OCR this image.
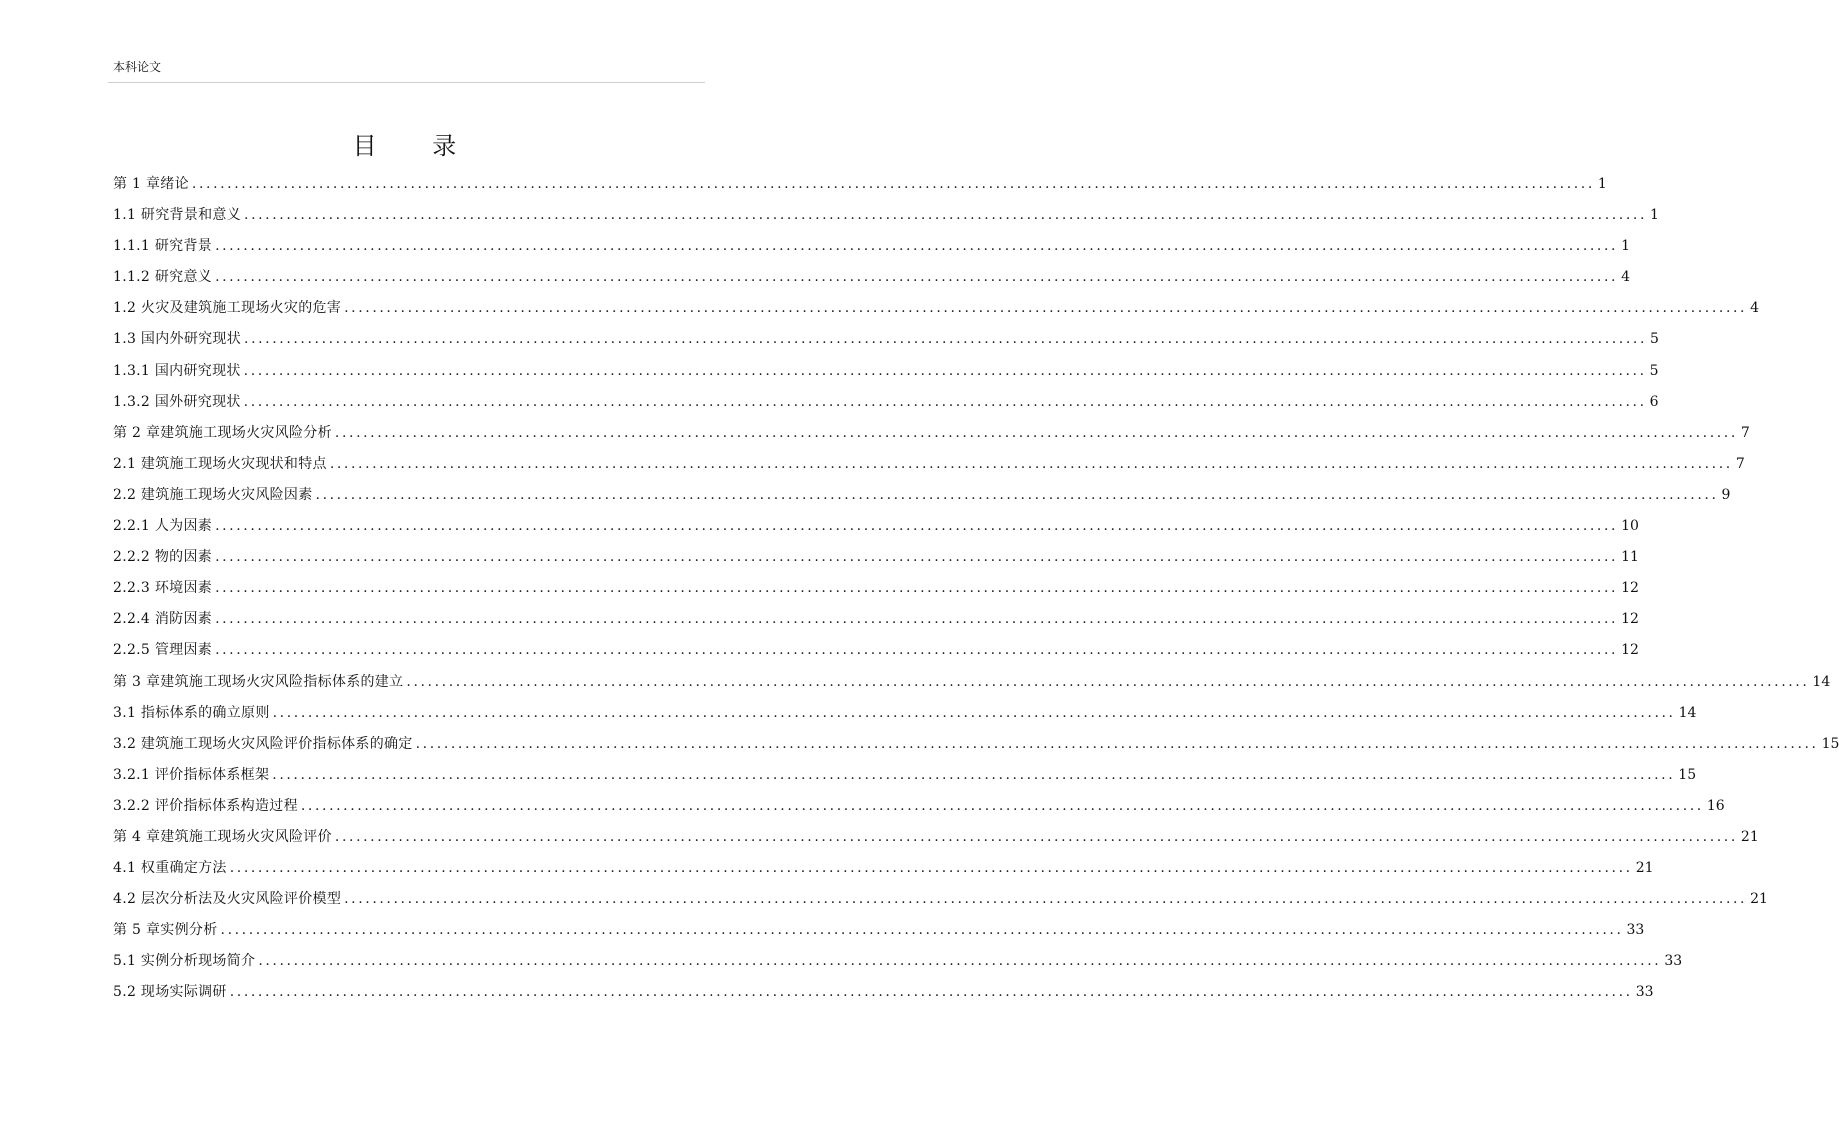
本科论文
目 录
第 1 章绪论 ....................................................................................................................................................................................................... 1
1.1 研究背景和意义 ....................................................................................................................................................................................................... 1
1.1.1 研究背景 ....................................................................................................................................................................................................... 1
1.1.2 研究意义 ....................................................................................................................................................................................................... 4
1.2 火灾及建筑施工现场火灾的危害 ....................................................................................................................................................................................................... 4
1.3 国内外研究现状 ....................................................................................................................................................................................................... 5
1.3.1 国内研究现状 ....................................................................................................................................................................................................... 5
1.3.2 国外研究现状 ....................................................................................................................................................................................................... 6
第 2 章建筑施工现场火灾风险分析 ....................................................................................................................................................................................................... 7
2.1 建筑施工现场火灾现状和特点 ....................................................................................................................................................................................................... 7
2.2 建筑施工现场火灾风险因素 ....................................................................................................................................................................................................... 9
2.2.1 人为因素 ....................................................................................................................................................................................................... 10
2.2.2 物的因素 ....................................................................................................................................................................................................... 11
2.2.3 环境因素 ....................................................................................................................................................................................................... 12
2.2.4 消防因素 ....................................................................................................................................................................................................... 12
2.2.5 管理因素 ....................................................................................................................................................................................................... 12
第 3 章建筑施工现场火灾风险指标体系的建立 ....................................................................................................................................................................................................... 14
3.1 指标体系的确立原则 ....................................................................................................................................................................................................... 14
3.2 建筑施工现场火灾风险评价指标体系的确定 ....................................................................................................................................................................................................... 15
3.2.1 评价指标体系框架 ....................................................................................................................................................................................................... 15
3.2.2 评价指标体系构造过程 ....................................................................................................................................................................................................... 16
第 4 章建筑施工现场火灾风险评价 ....................................................................................................................................................................................................... 21
4.1 权重确定方法 ....................................................................................................................................................................................................... 21
4.2 层次分析法及火灾风险评价模型 ....................................................................................................................................................................................................... 21
第 5 章实例分析 ....................................................................................................................................................................................................... 33
5.1 实例分析现场简介 ....................................................................................................................................................................................................... 33
5.2 现场实际调研 ....................................................................................................................................................................................................... 33
